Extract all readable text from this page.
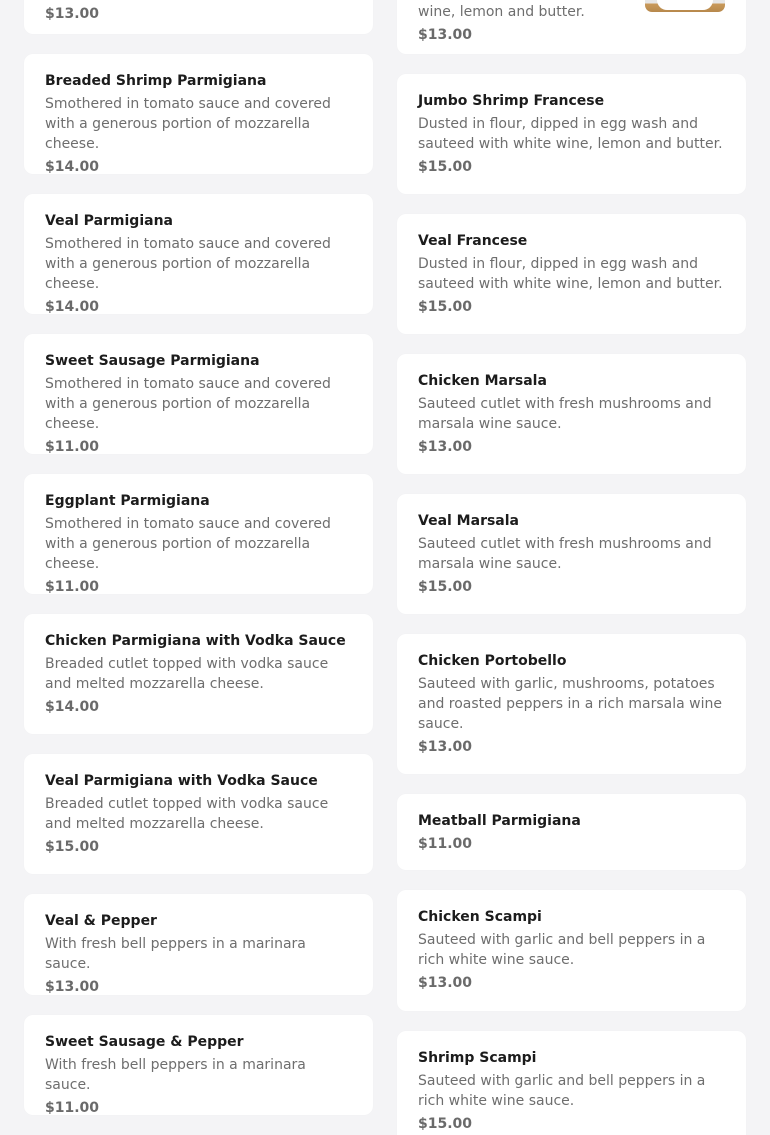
$13.00
Breaded Shrimp Parmigiana
Smothered in tomato sauce and covered with a generous portion of mozzarella cheese.
$14.00
Veal Parmigiana
Smothered in tomato sauce and covered with a generous portion of mozzarella cheese.
$14.00
Sweet Sausage Parmigiana
Smothered in tomato sauce and covered with a generous portion of mozzarella cheese.
$11.00
Eggplant Parmigiana
Smothered in tomato sauce and covered with a generous portion of mozzarella cheese.
$11.00
Chicken Parmigiana with Vodka Sauce
Breaded cutlet topped with vodka sauce and melted mozzarella cheese.
$14.00
Veal Parmigiana with Vodka Sauce
Breaded cutlet topped with vodka sauce and melted mozzarella cheese.
$15.00
Veal & Pepper
With fresh bell peppers in a marinara sauce.
$13.00
Sweet Sausage & Pepper
With fresh bell peppers in a marinara sauce.
$11.00
wine, lemon and butter.
$13.00
Jumbo Shrimp Francese
Dusted in flour, dipped in egg wash and sauteed with white wine, lemon and butter.
$15.00
Veal Francese
Dusted in flour, dipped in egg wash and sauteed with white wine, lemon and butter.
$15.00
Chicken Marsala
Sauteed cutlet with fresh mushrooms and marsala wine sauce.
$13.00
Veal Marsala
Sauteed cutlet with fresh mushrooms and marsala wine sauce.
$15.00
Chicken Portobello
Sauteed with garlic, mushrooms, potatoes and roasted peppers in a rich marsala wine sauce.
$13.00
Meatball Parmigiana
$11.00
Chicken Scampi
Sauteed with garlic and bell peppers in a rich white wine sauce.
$13.00
Shrimp Scampi
Sauteed with garlic and bell peppers in a rich white wine sauce.
$15.00
